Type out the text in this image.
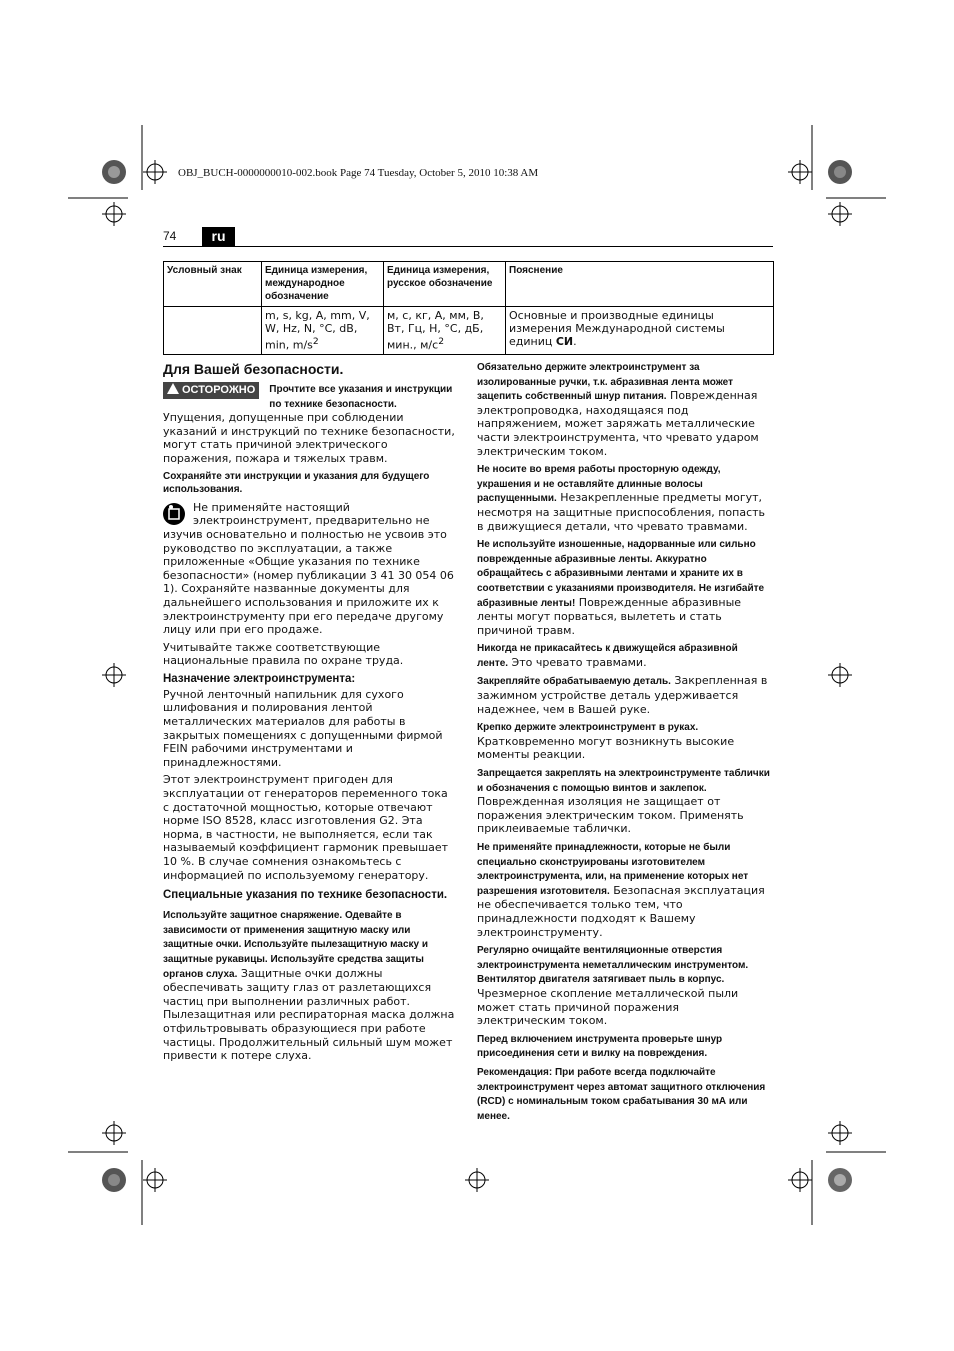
OBJ_BUCH-0000000010-002.book Page 74 Tuesday, October 5, 2010 10:38 AM
74	ru
Условный знак	Единица измерения, международное обозначение	Единица измерения, русское обозначение	Пояснение
	m, s, kg, A, mm, V, W, Hz, N, °C, dB, min, $m/s^2$	м, с, кг, А, мм, В, Вт, Гц, Н, °C, дБ, мин., $м/с^2$	Основные и производные единицы измерения Международной системы единиц СИ.
Для Вашей безопасности.

ОСТОРОЖНО	Прочтите все указания и инструкции по технике безопасности. Упущения, допущенные при соблюдении указаний и инструкций по технике безопасности, могут стать причиной электрического поражения, пожара и тяжелых травм.

Сохраняйте эти инструкции и указания для будущего использования.

Не применяйте настоящий электроинструмент, предварительно не изучив основательно и полностью не усвоив это руководство по эксплуатации, а также приложенные «Общие указания по технике безопасности» (номер публикации 3 41 30 054 06 1). Сохраняйте названные документы для дальнейшего использования и приложите их к электроинструменту при его передаче другому лицу или при его продаже.

Учитывайте также соответствующие национальные правила по охране труда.

Назначение электроинструмента:

Ручной ленточный напильник для сухого шлифования и полирования лентой металлических материалов для работы в закрытых помещениях с допущенными фирмой FEIN рабочими инструментами и принадлежностями.

Этот электроинструмент пригоден для эксплуатации от генераторов переменного тока с достаточной мощностью, которые отвечают норме ISO 8528, класс изготовления G2. Эта норма, в частности, не выполняется, если так называемый коэффициент гармоник превышает 10 %. В случае сомнения ознакомьтесь с информацией по используемому генератору.

Специальные указания по технике безопасности.

Используйте защитное снаряжение. Одевайте в зависимости от применения защитную маску или защитные очки. Используйте пылезащитную маску и защитные рукавицы. Используйте средства защиты органов слуха. Защитные очки должны обеспечивать защиту глаз от разлетающихся частиц при выполнении различных работ. Пылезащитная или респираторная маска должна отфильтровывать образующиеся при работе частицы. Продолжительный сильный шум может привести к потере слуха.

Обязательно держите электроинструмент за изолированные ручки, т.к. абразивная лента может зацепить собственный шнур питания. Поврежденная электропроводка, находящаяся под напряжением, может заряжать металлические части электроинструмента, что чревато ударом электрическим током.

Не носите во время работы просторную одежду, украшения и не оставляйте длинные волосы распущенными. Незакрепленные предметы могут, несмотря на защитные приспособления, попасть в движущиеся детали, что чревато травмами.

Не используйте изношенные, надорванные или сильно поврежденные абразивные ленты. Аккуратно обращайтесь с абразивными лентами и храните их в соответствии с указаниями производителя. Не изгибайте абразивные ленты! Поврежденные абразивные ленты могут порваться, вылететь и стать причиной травм.

Никогда не прикасайтесь к движущейся абразивной ленте. Это чревато травмами.

Закрепляйте обрабатываемую деталь. Закрепленная в зажимном устройстве деталь удерживается надежнее, чем в Вашей руке.

Крепко держите электроинструмент в руках. Кратковременно могут возникнуть высокие моменты реакции.

Запрещается закреплять на электроинструменте таблички и обозначения с помощью винтов и заклепок. Поврежденная изоляция не защищает от поражения электрическим током. Применять приклеиваемые таблички.

Не применяйте принадлежности, которые не были специально сконструированы изготовителем электроинструмента, или, на применение которых нет разрешения изготовителя. Безопасная эксплуатация не обеспечивается только тем, что принадлежности подходят к Вашему электроинструменту.

Регулярно очищайте вентиляционные отверстия электроинструмента неметаллическим инструментом. Вентилятор двигателя затягивает пыль в корпус. Чрезмерное скопление металлической пыли может стать причиной поражения электрическим током.

Перед включением инструмента проверьте шнур присоединения сети и вилку на повреждения.

Рекомендация: При работе всегда подключайте электроинструмент через автомат защитного отключения (RCD) с номинальным током срабатывания 30 мА или менее.
